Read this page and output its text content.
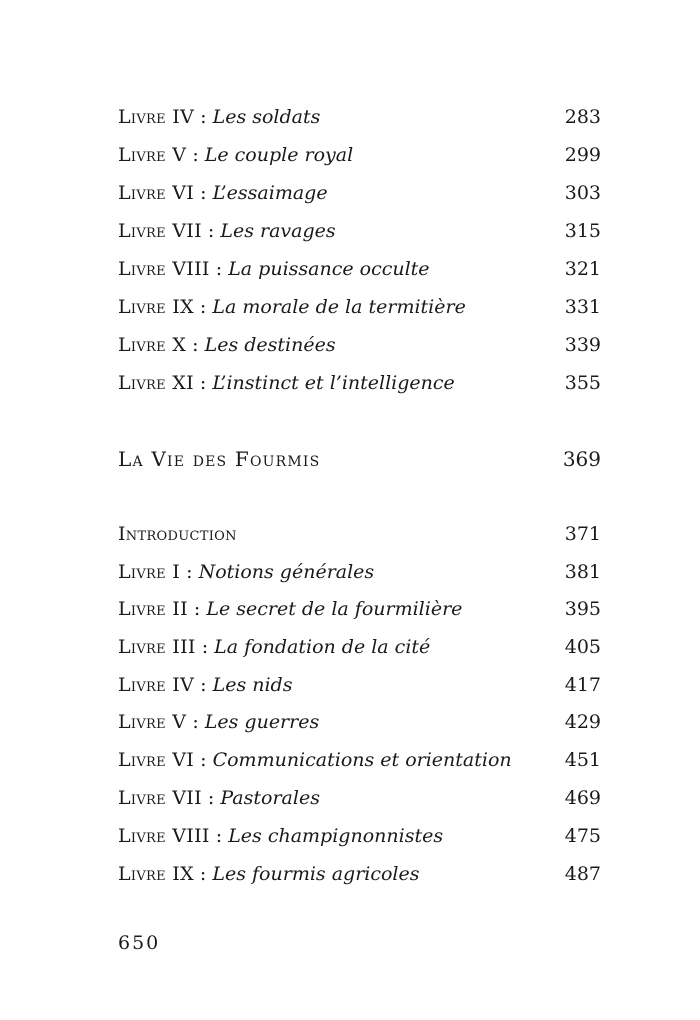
Livre IV : Les soldats	283
Livre V : Le couple royal	299
Livre VI : L’essaimage	303
Livre VII : Les ravages	315
Livre VIII : La puissance occulte	321
Livre IX : La morale de la termitière	331
Livre X : Les destinées	339
Livre XI : L’instinct et l’intelligence	355
La Vie des Fourmis	369
Introduction	371
Livre I : Notions générales	381
Livre II : Le secret de la fourmilière	395
Livre III : La fondation de la cité	405
Livre IV : Les nids	417
Livre V : Les guerres	429
Livre VI : Communications et orientation	451
Livre VII : Pastorales	469
Livre VIII : Les champignonnistes	475
Livre IX : Les fourmis agricoles	487
650
